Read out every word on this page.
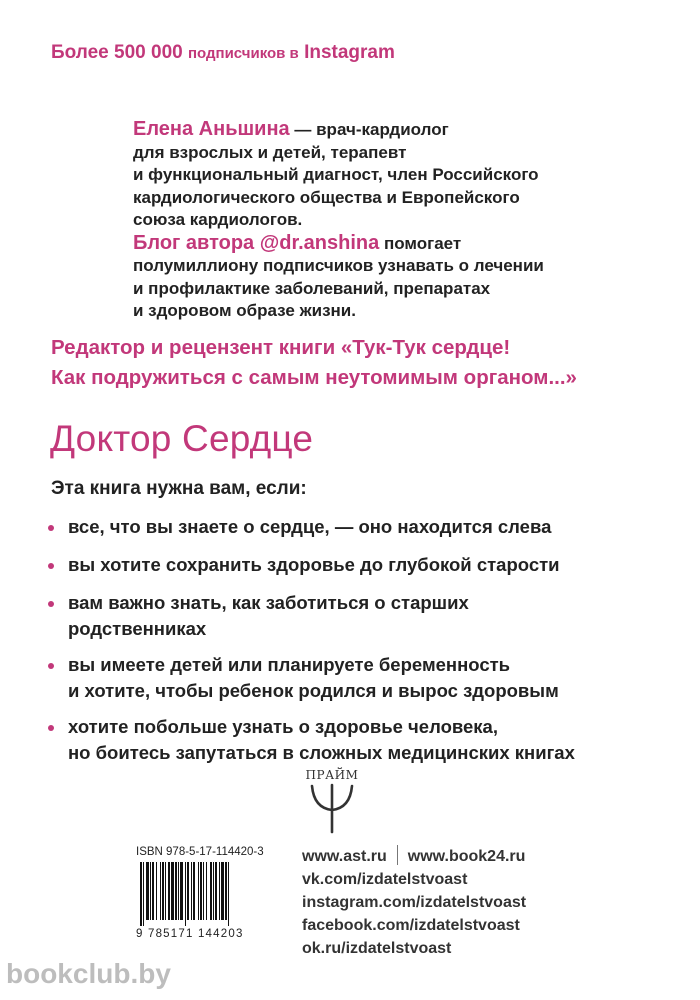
Более 500 000 подписчиков в Instagram
Елена Аньшина — врач-кардиолог
для взрослых и детей, терапевт
и функциональный диагност, член Российского
кардиологического общества и Европейского
союза кардиологов.
Блог автора @dr.anshina помогает
полумиллиону подписчиков узнавать о лечении
и профилактике заболеваний, препаратах
и здоровом образе жизни.
Редактор и рецензент книги «Тук-Тук сердце!
Как подружиться с самым неутомимым органом...»
Доктор Сердце
Эта книга нужна вам, если:
все, что вы знаете о сердце, — оно находится слева
вы хотите сохранить здоровье до глубокой старости
вам важно знать, как заботиться о старших
родственниках
вы имеете детей или планируете беременность
и хотите, чтобы ребенок родился и вырос здоровым
хотите побольше узнать о здоровье человека,
но боитесь запутаться в сложных медицинских книгах
ПРАЙМ
ISBN 978-5-17-114420-3
9 785171 144203
www.ast.ru www.book24.ru
vk.com/izdatelstvoast
instagram.com/izdatelstvoast
facebook.com/izdatelstvoast
ok.ru/izdatelstvoast
bookclub.by
